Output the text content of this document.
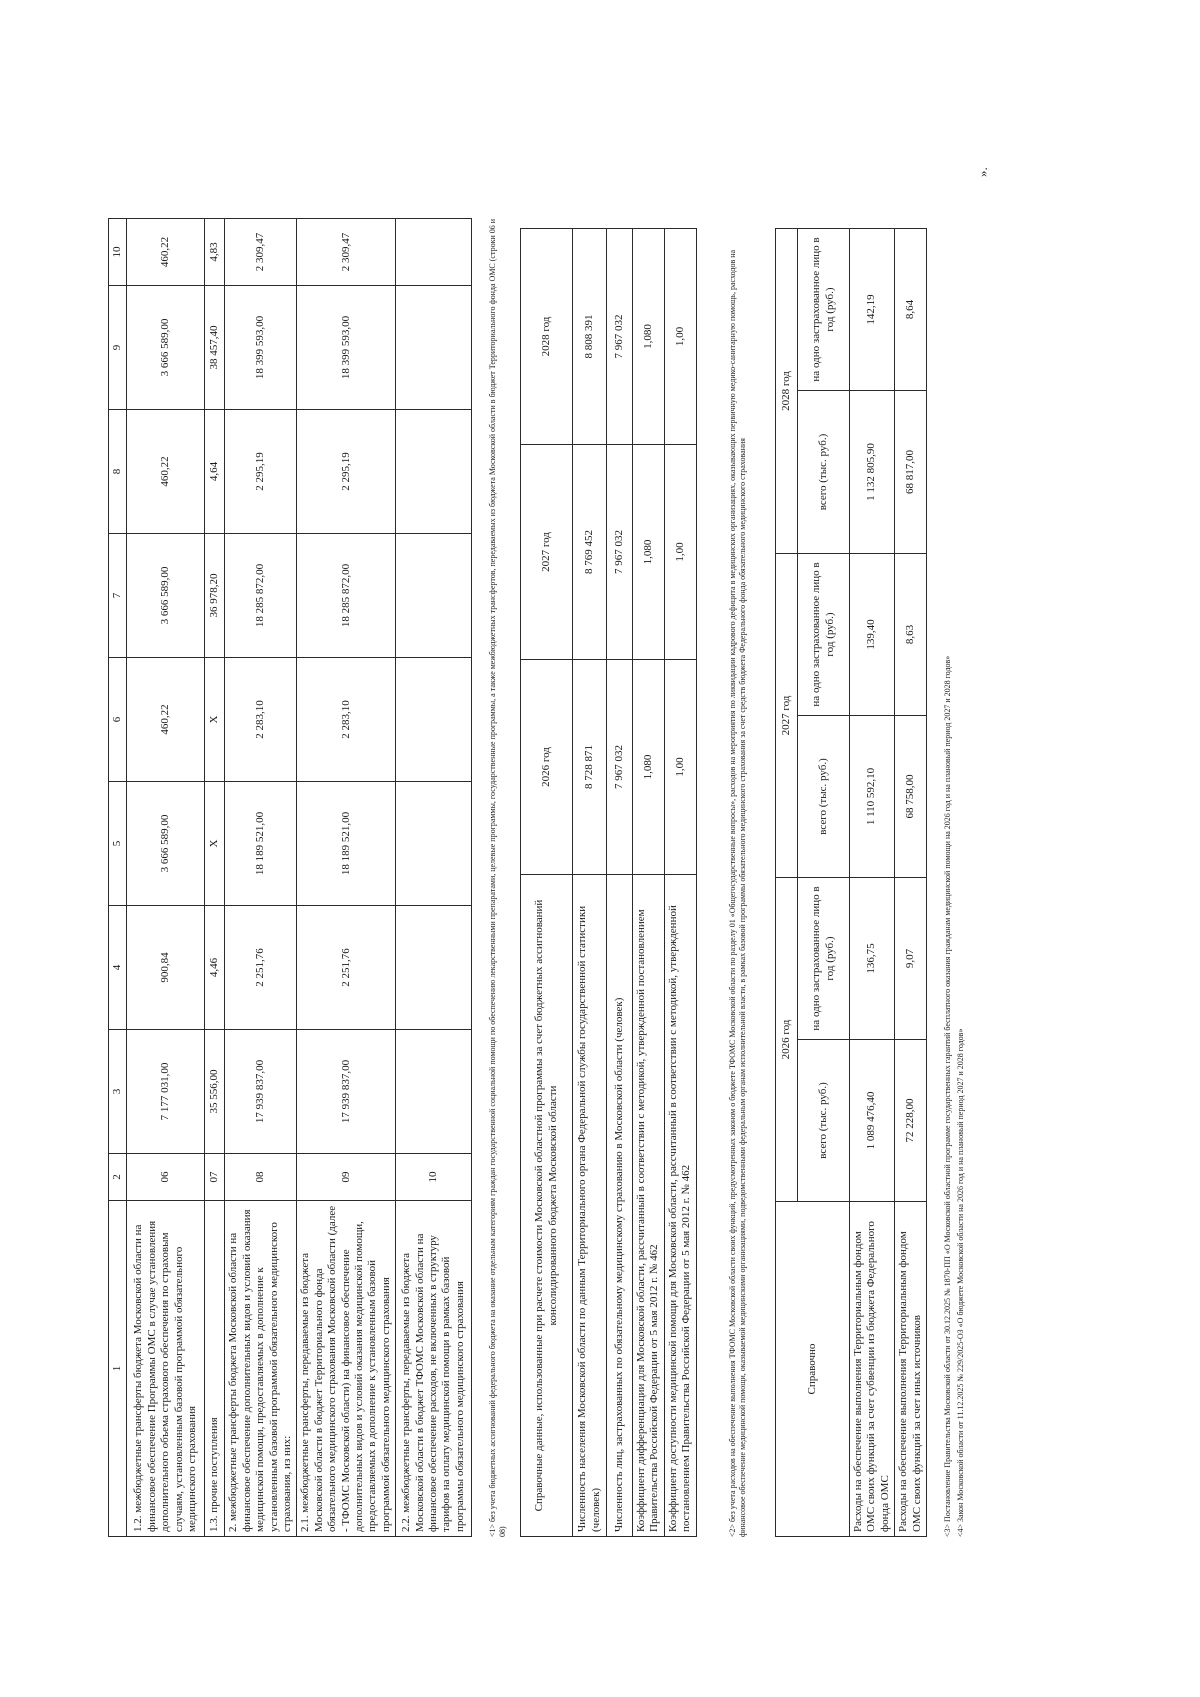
1	2	3	4	5	6	7	8	9	10
1.2. межбюджетные трансферты бюджета Московской области на финансовое обеспечение Программы ОМС в случае установления дополнительного объема страхового обеспечения по страховым случаям, установленным базовой программой обязательного медицинского страхования	06	7 177 031,00	900,84	3 666 589,00	460,22	3 666 589,00	460,22	3 666 589,00	460,22
1.3. прочие поступления	07	35 556,00	4,46	X	X	36 978,20	4,64	38 457,40	4,83
2. межбюджетные трансферты бюджета Московской области на финансовое обеспечение дополнительных видов и условий оказания медицинской помощи, предоставляемых в дополнение к установленным базовой программой обязательного медицинского страхования, из них:	08	17 939 837,00	2 251,76	18 189 521,00	2 283,10	18 285 872,00	2 295,19	18 399 593,00	2 309,47
2.1. межбюджетные трансферты, передаваемые из бюджета Московской области в бюджет Территориального фонда обязательного медицинского страхования Московской области (далее - ТФОМС Московской области) на финансовое обеспечение дополнительных видов и условий оказания медицинской помощи, предоставляемых в дополнение к установленным базовой программой обязательного медицинского страхования	09	17 939 837,00	2 251,76	18 189 521,00	2 283,10	18 285 872,00	2 295,19	18 399 593,00	2 309,47
2.2. межбюджетные трансферты, передаваемые из бюджета Московской области в бюджет ТФОМС Московской области на финансовое обеспечение расходов, не включенных в структуру тарифов на оплату медицинской помощи в рамках базовой программы обязательного медицинского страхования	10									<1> без учета бюджетных ассигнований федерального бюджета на оказание отдельным категориям граждан государственной социальной помощи по обеспечению лекарственными препаратами, целевые программы, государственные программы, а также межбюджетных трансфертов, передаваемых из бюджета Московской области в бюджет Территориального фонда ОМС (строки 06 и 08)
Справочные данные, использованные при расчете стоимости Московской областной программы за счет бюджетных ассигнований консолидированного бюджета Московской области	2026 год	2027 год	2028 год
Численность населения Московской области по данным Территориального органа Федеральной службы государственной статистики (человек)	8 728 871	8 769 452	8 808 391
Численность лиц, застрахованных по обязательному медицинскому страхованию в Московской области (человек)	7 967 032	7 967 032	7 967 032
Коэффициент дифференциации для Московской области, рассчитанный в соответствии с методикой, утвержденной постановлением Правительства Российской Федерации от 5 мая 2012 г. № 462	1,080	1,080	1,080
Коэффициент доступности медицинской помощи для Московской области, рассчитанный в соответствии с методикой, утвержденной постановлением Правительства Российской Федерации от 5 мая 2012 г. № 462	1,00	1,00	1,00	<2> без учета расходов на обеспечение выполнения ТФОМС Московской области своих функций, предусмотренных законом о бюджете ТФОМС Московской области по разделу 01 «Общегосударственные вопросы», расходов на мероприятия по ликвидации кадрового дефицита в медицинских организациях, оказывающих первичную медико-санитарную помощь, расходов на финансовое обеспечение медицинской помощи, оказываемой медицинскими организациями, подведомственными федеральным органам исполнительной власти, в рамках базовой программы обязательного медицинского страхования за счет средств бюджета Федерального фонда обязательного медицинского страхования	Справочно	2026 год		2027 год		2028 год	
	всего (тыс. руб.)	на одно застрахованное лицо в год (руб.)	всего (тыс. руб.)	на одно застрахованное лицо в год (руб.)	всего (тыс. руб.)	на одно застрахованное лицо в год (руб.)
Расходы на обеспечение выполнения Территориальным фондом ОМС своих функций за счет субвенции из бюджета Федерального фонда ОМС	1 089 476,40	136,75	1 110 592,10	139,40	1 132 805,90	142,19
Расходы на обеспечение выполнения Территориальным фондом ОМС своих функций за счет иных источников	72 228,00	9,07	68 758,00	8,63	68 817,00	8,64
<3> Постановление Правительства Московской области от 30.12.2025 № 1870-ПП «О Московской областной программе государственных гарантий бесплатного оказания гражданам медицинской помощи на 2026 год и на плановый период 2027 и 2028 годов» <4> Закон Московской области от 11.12.2025 № 229/2025-ОЗ «О бюджете Московской области на 2026 год и на плановый период 2027 и 2028 годов»
».
